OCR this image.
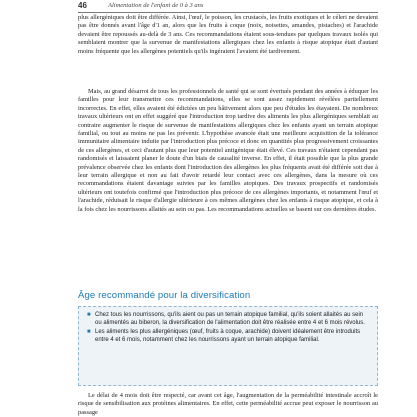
46	Alimentation de l'enfant de 0 à 3 ans

plus allergéniques doit être différée. Ainsi, l'œuf, le poisson, les crustacés, les fruits exotiques et le céleri ne devaient pas être donnés avant l'âge d'1 an, alors que les fruits à coque (noix, noisettes, amandes, pistaches) et l'arachide devaient être repoussés au-delà de 3 ans. Ces recommandations étaient sous-tendues par quelques travaux isolés qui semblaient montrer que la survenue de manifestations allergiques chez les enfants à risque atopique était d'autant moins fréquente que les allergènes potentiels qu'ils ingéraient l'avaient été tardivement.

Mais, au grand désarroi de tous les professionnels de santé qui se sont évertués pendant des années à éduquer les familles pour leur transmettre ces recommandations, elles se sont assez rapidement révélées partiellement incorrectes. En effet, elles avaient été édictées un peu hâtivement alors que peu d'études les étayaient. De nombreux travaux ultérieurs ont en effet suggéré que l'introduction trop tardive des aliments les plus allergéniques semblait au contraire augmenter le risque de survenue de manifestations allergiques chez les enfants ayant un terrain atopique familial, ou tout au moins ne pas les prévenir. L'hypothèse avancée était une meilleure acquisition de la tolérance immunitaire alimentaire induite par l'introduction plus précoce et donc en quantités plus progressivement croissantes de ces allergènes, et ceci d'autant plus que leur potentiel antigénique était élevé. Ces travaux n'étaient cependant pas randomisés et laissaient planer le doute d'un biais de causalité inverse. En effet, il était possible que la plus grande prévalence observée chez les enfants dont l'introduction des allergènes les plus fréquents avait été différée soit due à leur terrain allergique et non au fait d'avoir retardé leur contact avec ces allergènes, dans la mesure où ces recommandations étaient davantage suivies par les familles atopiques. Des travaux prospectifs et randomisés ultérieurs ont toutefois confirmé que l'introduction plus précoce de ces allergènes importants, et notamment l'œuf et l'arachide, réduisait le risque d'allergie ultérieure à ces mêmes allergènes chez les enfants à risque atopique, et cela à la fois chez les nourrissons allaités au sein ou pas. Les recommandations actuelles se basent sur ces dernières études.

Âge recommandé pour la diversification
■ Chez tous les nourrissons, qu'ils aient ou pas un terrain atopique familial, qu'ils soient allaités au sein ou alimentés au biberon, la diversification de l'alimentation doit être réalisée entre 4 et 6 mois révolus.
■ Les aliments les plus allergéniques (œuf, fruits à coque, arachide) doivent idéalement être introduits entre 4 et 6 mois, notamment chez les nourrissons ayant un terrain atopique familial.

Le délai de 4 mois doit être respecté, car avant cet âge, l'augmentation de la perméabilité intestinale accroît le risque de sensibilisation aux protéines alimentaires. En effet, cette perméabilité accrue peut exposer le nourrisson au passage
